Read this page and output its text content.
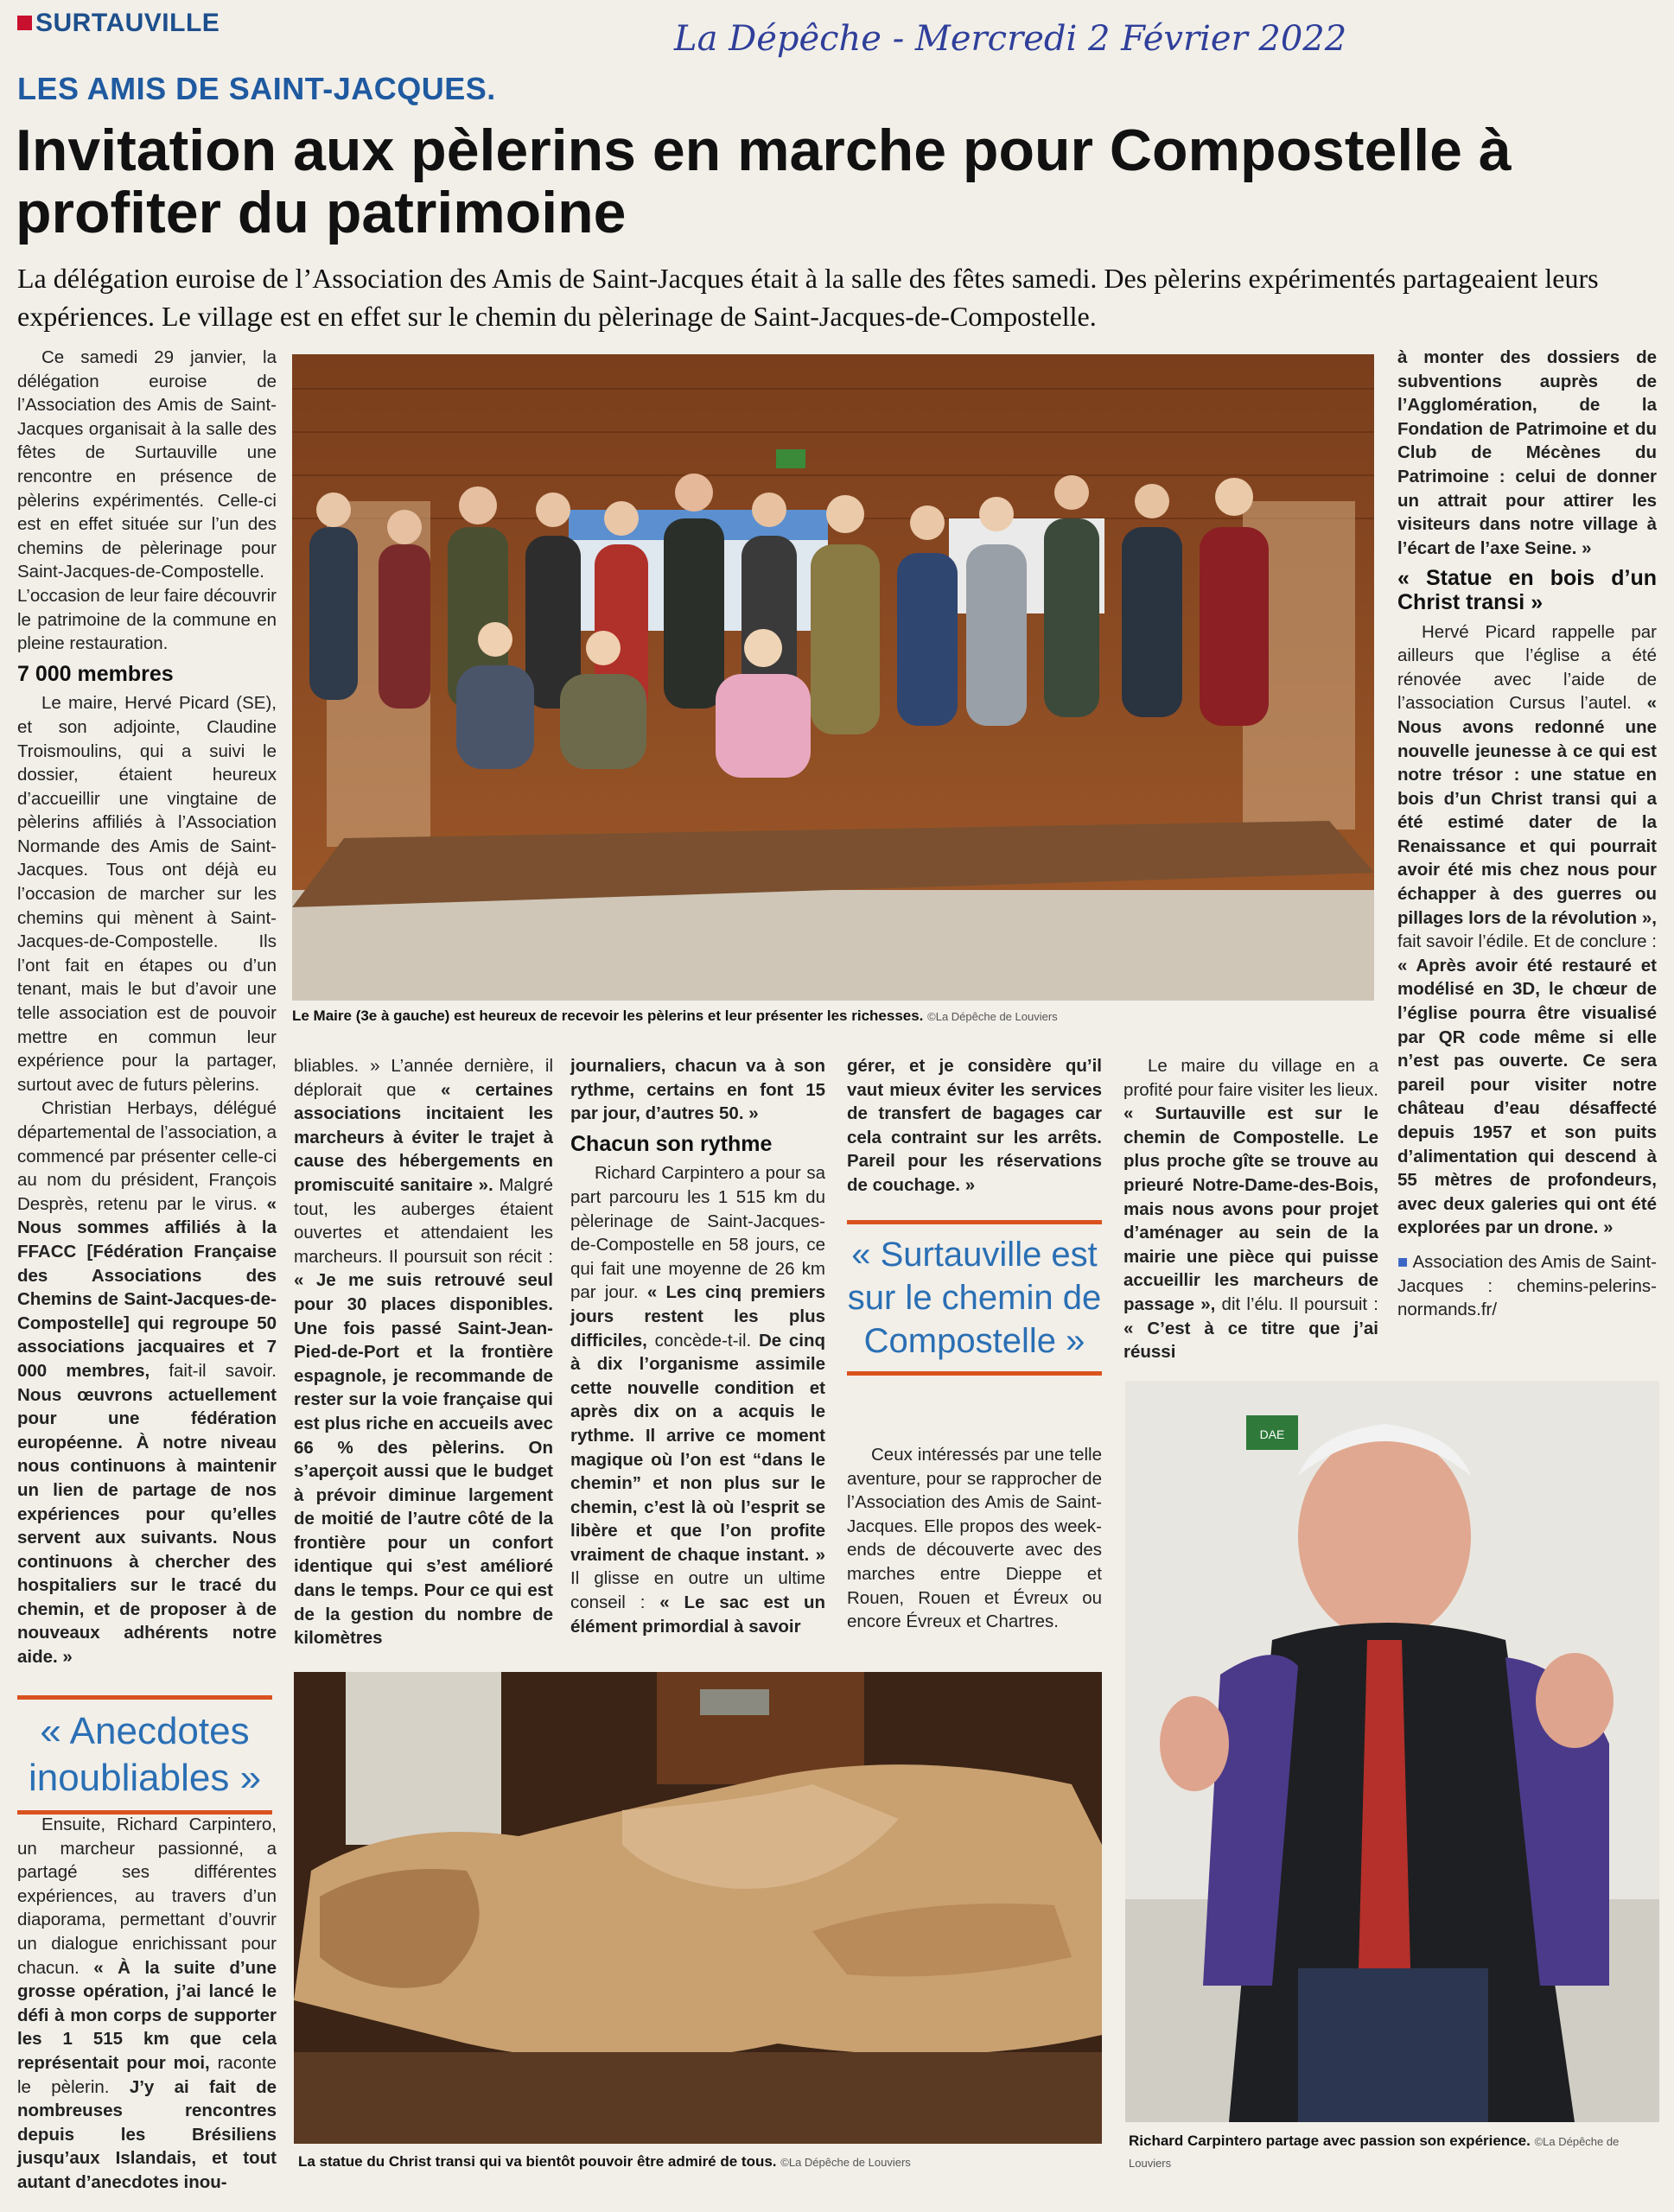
SURTAUVILLE	La Dépêche - Mercredi 2 Février 2022
LES AMIS DE SAINT-JACQUES.
Invitation aux pèlerins en marche pour Compostelle à profiter du patrimoine
La délégation euroise de l’Association des Amis de Saint-Jacques était à la salle des fêtes samedi. Des pèlerins expérimentés partageaient leurs expériences. Le village est en effet sur le chemin du pèlerinage de Saint-Jacques-de-Compostelle.

Ce samedi 29 janvier, la délégation euroise de l’Association des Amis de Saint-Jacques organisait à la salle des fêtes de Surtauville une rencontre en présence de pèlerins expérimentés. Celle-ci est en effet située sur l’un des chemins de pèlerinage pour Saint-Jacques-de-Compostelle. L’occasion de leur faire découvrir le patrimoine de la commune en pleine restauration.

7 000 membres

Le maire, Hervé Picard (SE), et son adjointe, Claudine Troismoulins, qui a suivi le dossier, étaient heureux d’accueillir une vingtaine de pèlerins affiliés à l’Association Normande des Amis de Saint-Jacques. Tous ont déjà eu l’occasion de marcher sur les chemins qui mènent à Saint-Jacques-de-Compostelle. Ils l’ont fait en étapes ou d’un tenant, mais le but d’avoir une telle association est de pouvoir mettre en commun leur expérience pour la partager, surtout avec de futurs pèlerins.

Christian Herbays, délégué départemental de l’association, a commencé par présenter celle-ci au nom du président, François Desprès, retenu par le virus. « Nous sommes affiliés à la FFACC [Fédération Française des Associations des Chemins de Saint-Jacques-de-Compostelle] qui regroupe 50 associations jacquaires et 7 000 membres, fait-il savoir. Nous œuvrons actuellement pour une fédération européenne. À notre niveau nous continuons à maintenir un lien de partage de nos expériences pour qu’elles servent aux suivants. Nous continuons à chercher des hospitaliers sur le tracé du chemin, et de proposer à de nouveaux adhérents notre aide. »

« Anecdotes inoubliables »

Ensuite, Richard Carpintero, un marcheur passionné, a partagé ses différentes expériences, au travers d’un diaporama, permettant d’ouvrir un dialogue enrichissant pour chacun. « À la suite d’une grosse opération, j’ai lancé le défi à mon corps de supporter les 1 515 km que cela représentait pour moi, raconte le pèlerin. J’y ai fait de nombreuses rencontres depuis les Brésiliens jusqu’aux Islandais, et tout autant d’anecdotes inou-

Le Maire (3e à gauche) est heureux de recevoir les pèlerins et leur présenter les richesses. ©La Dépêche de Louviers

bliables. » L’année dernière, il déplorait que « certaines associations incitaient les marcheurs à éviter le trajet à cause des hébergements en promiscuité sanitaire ». Malgré tout, les auberges étaient ouvertes et attendaient les marcheurs. Il poursuit son récit : « Je me suis retrouvé seul pour 30 places disponibles. Une fois passé Saint-Jean-Pied-de-Port et la frontière espagnole, je recommande de rester sur la voie française qui est plus riche en accueils avec 66 % des pèlerins. On s’aperçoit aussi que le budget à prévoir diminue largement de moitié de l’autre côté de la frontière pour un confort identique qui s’est amélioré dans le temps. Pour ce qui est de la gestion du nombre de kilomètres

journaliers, chacun va à son rythme, certains en font 15 par jour, d’autres 50. »

Chacun son rythme

Richard Carpintero a pour sa part parcouru les 1 515 km du pèlerinage de Saint-Jacques-de-Compostelle en 58 jours, ce qui fait une moyenne de 26 km par jour. « Les cinq premiers jours restent les plus difficiles, concède-t-il. De cinq à dix l’organisme assimile cette nouvelle condition et après dix on a acquis le rythme. Il arrive ce moment magique où l’on est “dans le chemin” et non plus sur le chemin, c’est là où l’esprit se libère et que l’on profite vraiment de chaque instant. » Il glisse en outre un ultime conseil : « Le sac est un élément primordial à savoir

gérer, et je considère qu’il vaut mieux éviter les services de transfert de bagages car cela contraint sur les arrêts. Pareil pour les réservations de couchage. »

« Surtauville est sur le chemin de Compostelle »

Ceux intéressés par une telle aventure, pour se rapprocher de l’Association des Amis de Saint-Jacques. Elle propos des week-ends de découverte avec des marches entre Dieppe et Rouen, Rouen et Évreux ou encore Évreux et Chartres.

Le maire du village en a profité pour faire visiter les lieux. « Surtauville est sur le chemin de Compostelle. Le plus proche gîte se trouve au prieuré Notre-Dame-des-Bois, mais nous avons pour projet d’aménager au sein de la mairie une pièce qui puisse accueillir les marcheurs de passage », dit l’élu. Il poursuit : « C’est à ce titre que j’ai réussi

à monter des dossiers de subventions auprès de l’Agglomération, de la Fondation de Patrimoine et du Club de Mécènes du Patrimoine : celui de donner un attrait pour attirer les visiteurs dans notre village à l’écart de l’axe Seine. »

« Statue en bois d’un Christ transi »

Hervé Picard rappelle par ailleurs que l’église a été rénovée avec l’aide de l’association Cursus l’autel. « Nous avons redonné une nouvelle jeunesse à ce qui est notre trésor : une statue en bois d’un Christ transi qui a été estimé dater de la Renaissance et qui pourrait avoir été mis chez nous pour échapper à des guerres ou pillages lors de la révolution », fait savoir l’édile. Et de conclure : « Après avoir été restauré et modélisé en 3D, le chœur de l’église pourra être visualisé par QR code même si elle n’est pas ouverte. Ce sera pareil pour visiter notre château d’eau désaffecté depuis 1957 et son puits d’alimentation qui descend à 55 mètres de profondeurs, avec deux galeries qui ont été explorées par un drone. »

■ Association des Amis de Saint-Jacques : chemins-pelerins-normands.fr/

La statue du Christ transi qui va bientôt pouvoir être admiré de tous. ©La Dépêche de Louviers
DAE
Richard Carpintero partage avec passion son expérience. ©La Dépêche de Louviers
